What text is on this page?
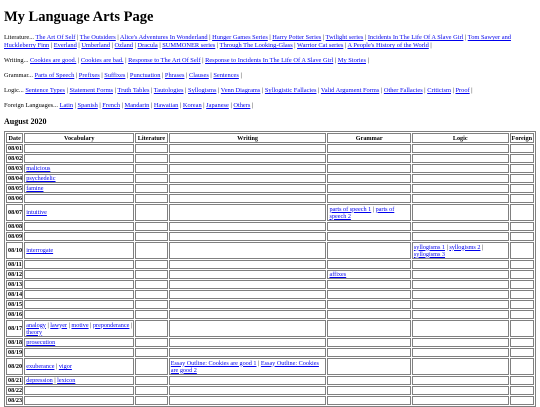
My Language Arts Page
Literature... The Art Of Self | The Outsiders | Alice's Adventures In Wonderland | Hunger Games Series | Harry Potter Series | Twilight series | Incidents In The Life Of A Slave Girl | Tom Sawyer and Huckleberry Finn | Everland | Umberland | Ozland | Dracula | SUMMONER series | Through The Looking-Glass | Warrior Cat series | A People's History of the World |
Writing... Cookies are good. | Cookies are bad. | Response to The Art Of Self | Response to Incidents In The Life Of A Slave Girl | My Stories |
Grammar... Parts of Speech | Prefixes | Suffixes | Punctuation | Phrases | Clauses | Sentences |
Logic... Sentence Types | Statement Forms | Truth Tables | Tautologies | Syllogisms | Venn Diagrams | Syllogistic Fallacies | Valid Argument Forms | Other Fallacies | Criticism | Proof |
Foreign Languages... Latin | Spanish | French | Mandarin | Hawaiian | Korean | Japanese | Others |
August 2020
Date	Vocabulary	Literature	Writing	Grammar	Logic	Foreign
08/01						
08/02						
08/03	malicious					
08/04	psychedelic					
08/05	famine					
08/06						
08/07	intuitive			parts of speech 1 | parts of speech 2		
08/08						
08/09						
08/10	interrogate				syllogisms 1 | syllogisms 2 | syllogisms 3	
08/11						
08/12				affixes		
08/13						
08/14						
08/15						
08/16						
08/17	analogy | lawyer | motive | preponderance | theory					
08/18	prosecution					
08/19						
08/20	exuberance | vigor		Essay Outline: Cookies are good 1 | Essay Outline: Cookies are good 2			
08/21	depression | lexicon					
08/22						
08/23						
